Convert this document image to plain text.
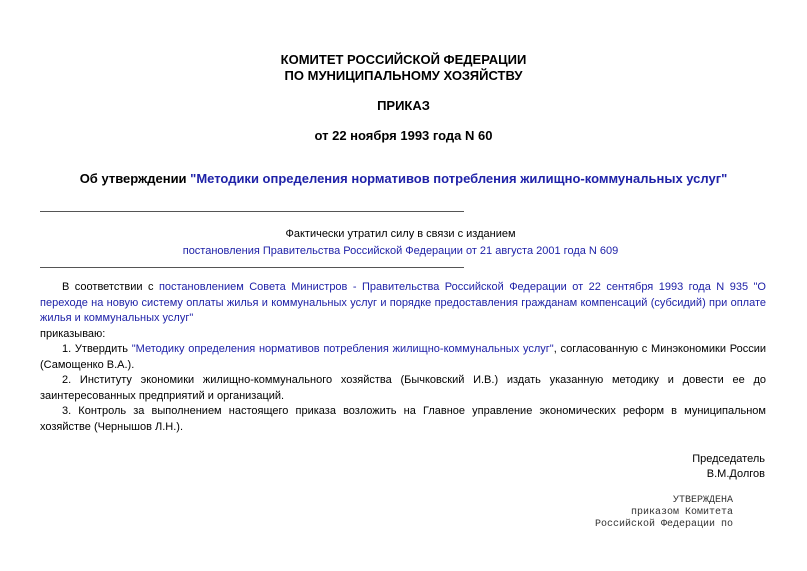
КОМИТЕТ РОССИЙСКОЙ ФЕДЕРАЦИИ
ПО МУНИЦИПАЛЬНОМУ ХОЗЯЙСТВУ
ПРИКАЗ
от 22 ноября 1993 года N 60
Об утверждении "Методики определения нормативов потребления жилищно-коммунальных услуг"
Фактически утратил силу в связи с изданием
постановления Правительства Российской Федерации от 21 августа 2001 года N 609

В соответствии с постановлением Совета Министров - Правительства Российской Федерации от 22 сентября 1993 года N 935 "О переходе на новую систему оплаты жилья и коммунальных услуг и порядке предоставления гражданам компенсаций (субсидий) при оплате жилья и коммунальных услуг"

приказываю:

1. Утвердить "Методику определения нормативов потребления жилищно-коммунальных услуг", согласованную с Минэкономики России (Самощенко В.А.).

2. Институту экономики жилищно-коммунального хозяйства (Бычковский И.В.) издать указанную методику и довести ее до заинтересованных предприятий и организаций.

3. Контроль за выполнением настоящего приказа возложить на Главное управление экономических реформ в муниципальном хозяйстве (Чернышов Л.Н.).

Председатель
В.М.Долгов
УТВЕРЖДЕНА
приказом Комитета
Российской Федерации по
